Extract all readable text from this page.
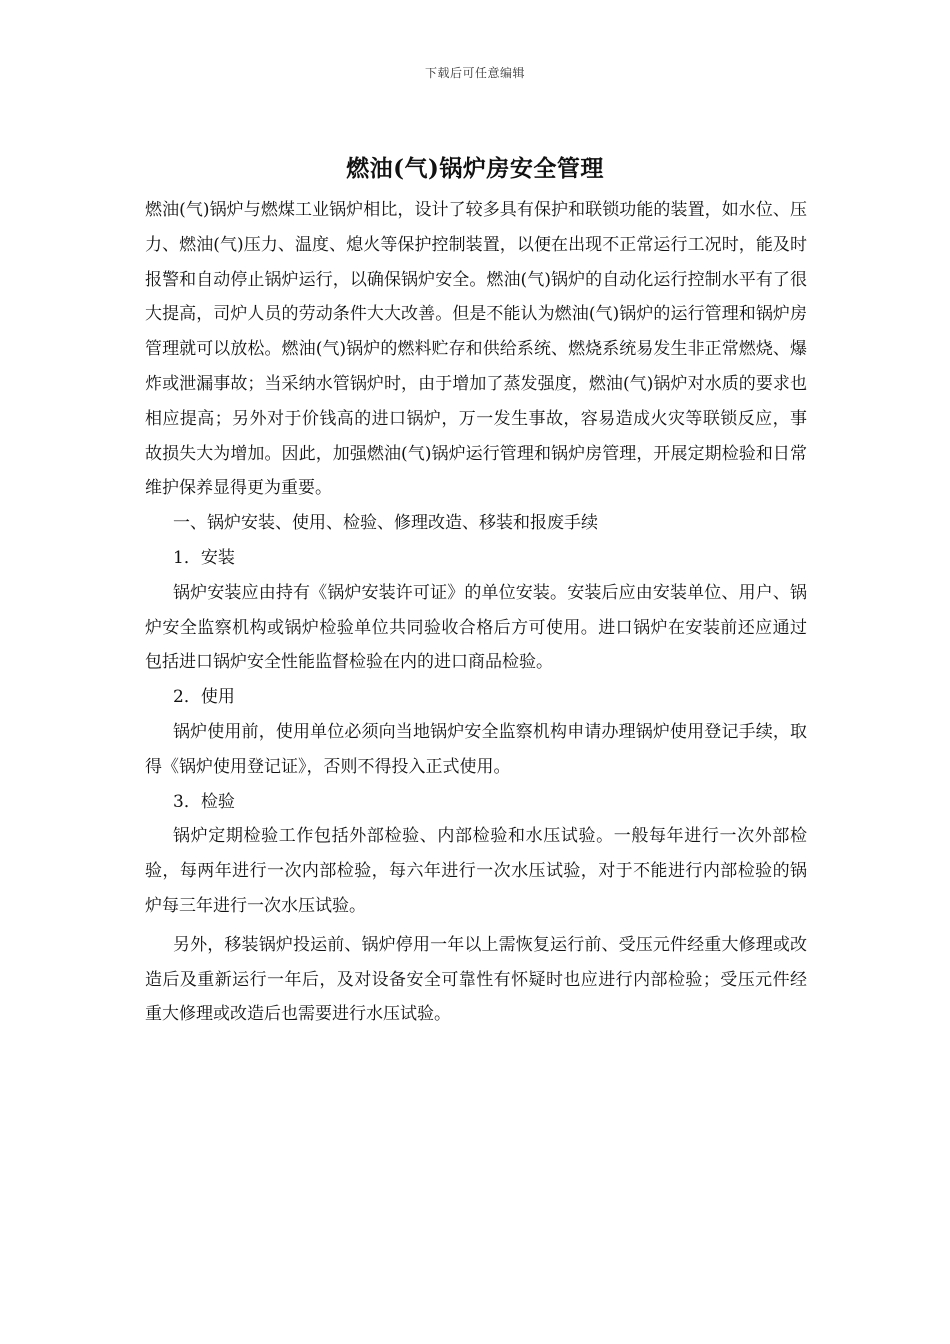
下载后可任意编辑
燃油(气)锅炉房安全管理

燃油(气)锅炉与燃煤工业锅炉相比，设计了较多具有保护和联锁功能的装置，如水位、压力、燃油(气)压力、温度、熄火等保护控制装置，以便在出现不正常运行工况时，能及时报警和自动停止锅炉运行，以确保锅炉安全。燃油(气)锅炉的自动化运行控制水平有了很大提高，司炉人员的劳动条件大大改善。但是不能认为燃油(气)锅炉的运行管理和锅炉房管理就可以放松。燃油(气)锅炉的燃料贮存和供给系统、燃烧系统易发生非正常燃烧、爆炸或泄漏事故；当采纳水管锅炉时，由于增加了蒸发强度，燃油(气)锅炉对水质的要求也相应提高；另外对于价钱高的进口锅炉，万一发生事故，容易造成火灾等联锁反应，事故损失大为增加。因此，加强燃油(气)锅炉运行管理和锅炉房管理，开展定期检验和日常维护保养显得更为重要。

一、锅炉安装、使用、检验、修理改造、移装和报废手续

1．安装

锅炉安装应由持有《锅炉安装许可证》的单位安装。安装后应由安装单位、用户、锅炉安全监察机构或锅炉检验单位共同验收合格后方可使用。进口锅炉在安装前还应通过包括进口锅炉安全性能监督检验在内的进口商品检验。

2．使用

锅炉使用前，使用单位必须向当地锅炉安全监察机构申请办理锅炉使用登记手续，取得《锅炉使用登记证》，否则不得投入正式使用。

3．检验

锅炉定期检验工作包括外部检验、内部检验和水压试验。一般每年进行一次外部检验，每两年进行一次内部检验，每六年进行一次水压试验，对于不能进行内部检验的锅炉每三年进行一次水压试验。

另外，移装锅炉投运前、锅炉停用一年以上需恢复运行前、受压元件经重大修理或改造后及重新运行一年后，及对设备安全可靠性有怀疑时也应进行内部检验；受压元件经重大修理或改造后也需要进行水压试验。
